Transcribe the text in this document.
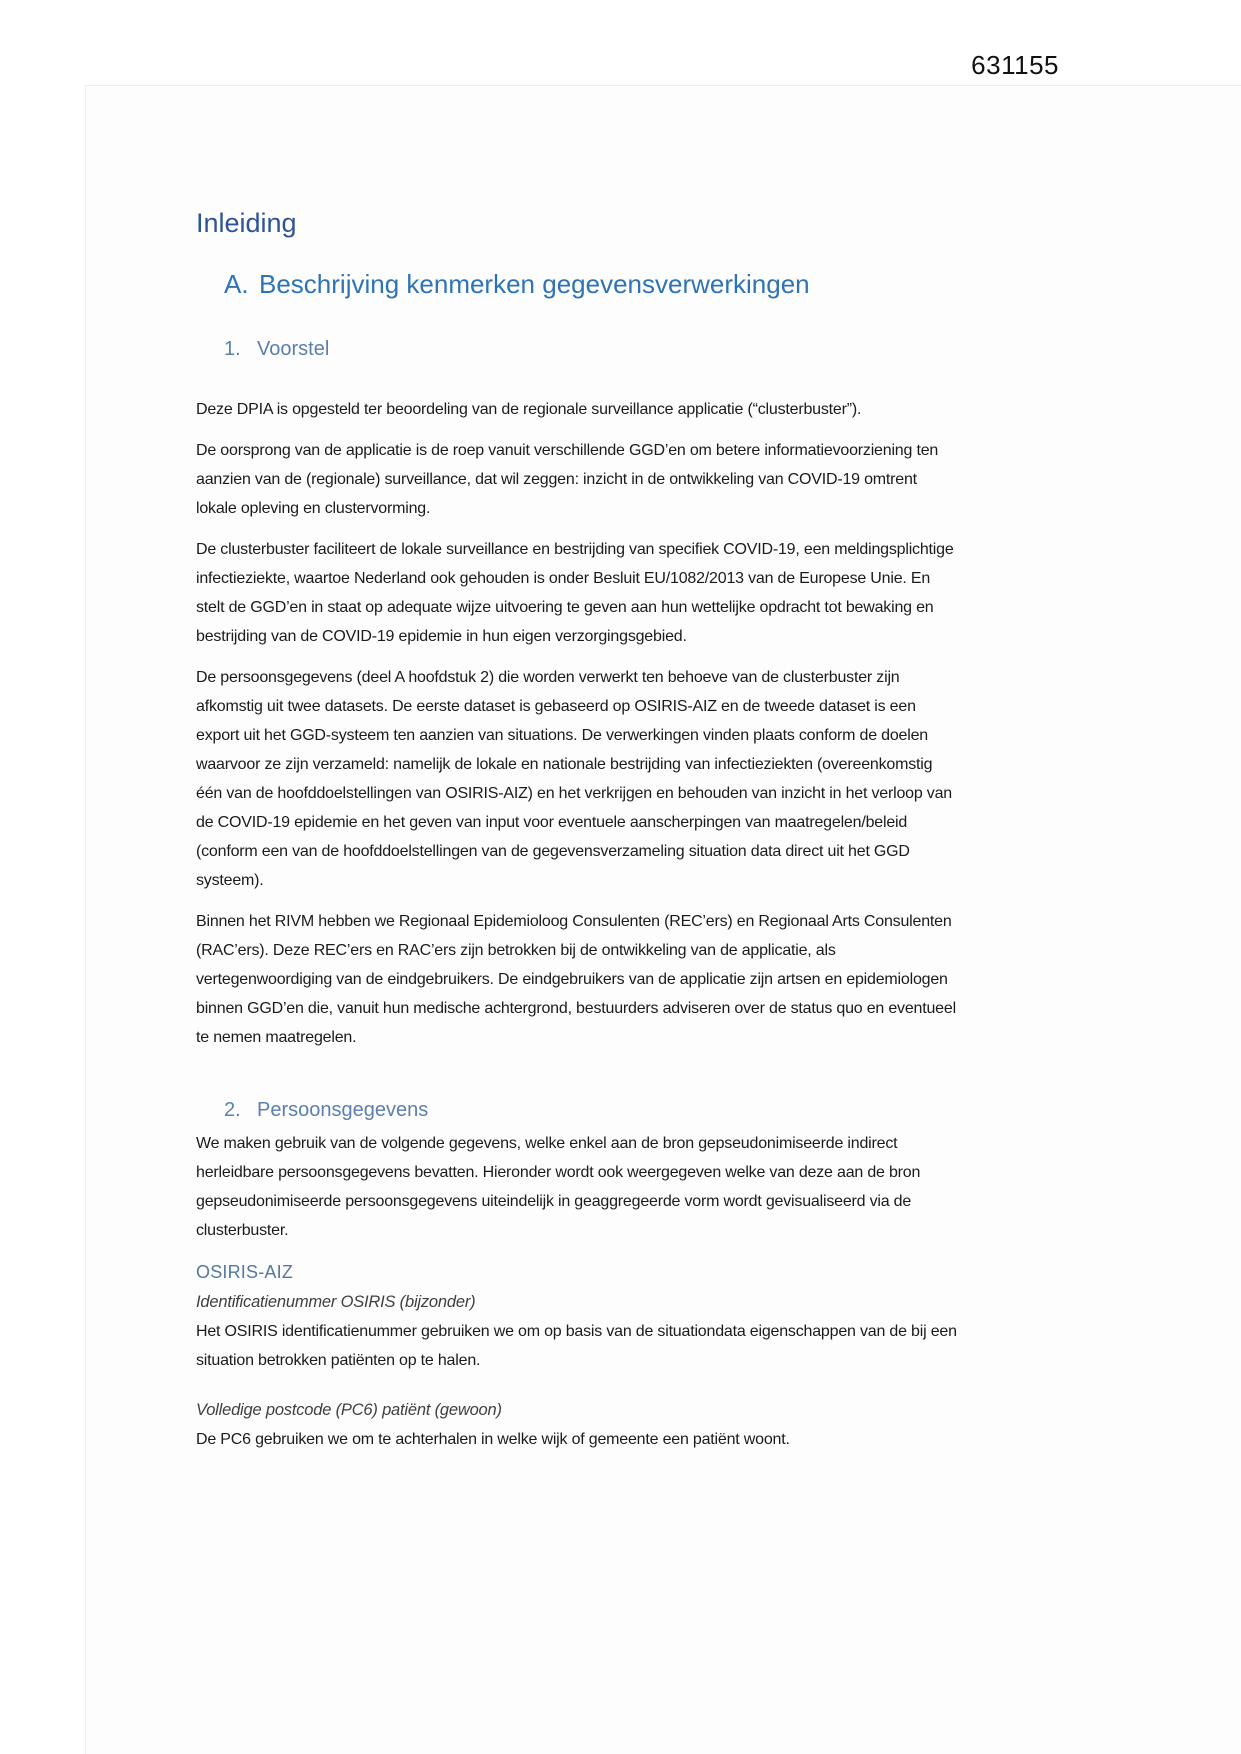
631155
Inleiding
A. Beschrijving kenmerken gegevensverwerkingen
1. Voorstel

Deze DPIA is opgesteld ter beoordeling van de regionale surveillance applicatie (“clusterbuster”).

De oorsprong van de applicatie is de roep vanuit verschillende GGD’en om betere informatievoorziening ten aanzien van de (regionale) surveillance, dat wil zeggen: inzicht in de ontwikkeling van COVID-19 omtrent lokale opleving en clustervorming.

De clusterbuster faciliteert de lokale surveillance en bestrijding van specifiek COVID-19, een meldingsplichtige infectieziekte, waartoe Nederland ook gehouden is onder Besluit EU/1082/2013 van de Europese Unie. En stelt de GGD’en in staat op adequate wijze uitvoering te geven aan hun wettelijke opdracht tot bewaking en bestrijding van de COVID-19 epidemie in hun eigen verzorgingsgebied.

De persoonsgegevens (deel A hoofdstuk 2) die worden verwerkt ten behoeve van de clusterbuster zijn afkomstig uit twee datasets. De eerste dataset is gebaseerd op OSIRIS-AIZ en de tweede dataset is een export uit het GGD-systeem ten aanzien van situations. De verwerkingen vinden plaats conform de doelen waarvoor ze zijn verzameld: namelijk de lokale en nationale bestrijding van infectieziekten (overeenkomstig één van de hoofddoelstellingen van OSIRIS-AIZ) en het verkrijgen en behouden van inzicht in het verloop van de COVID-19 epidemie en het geven van input voor eventuele aanscherpingen van maatregelen/beleid (conform een van de hoofddoelstellingen van de gegevensverzameling situation data direct uit het GGD systeem).

Binnen het RIVM hebben we Regionaal Epidemioloog Consulenten (REC’ers) en Regionaal Arts Consulenten (RAC’ers). Deze REC’ers en RAC’ers zijn betrokken bij de ontwikkeling van de applicatie, als vertegenwoordiging van de eindgebruikers. De eindgebruikers van de applicatie zijn artsen en epidemiologen binnen GGD’en die, vanuit hun medische achtergrond, bestuurders adviseren over de status quo en eventueel te nemen maatregelen.

2. Persoonsgegevens

We maken gebruik van de volgende gegevens, welke enkel aan de bron gepseudonimiseerde indirect herleidbare persoonsgegevens bevatten. Hieronder wordt ook weergegeven welke van deze aan de bron gepseudonimiseerde persoonsgegevens uiteindelijk in geaggregeerde vorm wordt gevisualiseerd via de clusterbuster.

OSIRIS-AIZ
Identificatienummer OSIRIS (bijzonder)

Het OSIRIS identificatienummer gebruiken we om op basis van de situationdata eigenschappen van de bij een situation betrokken patiënten op te halen.

Volledige postcode (PC6) patiënt (gewoon)

De PC6 gebruiken we om te achterhalen in welke wijk of gemeente een patiënt woont.
